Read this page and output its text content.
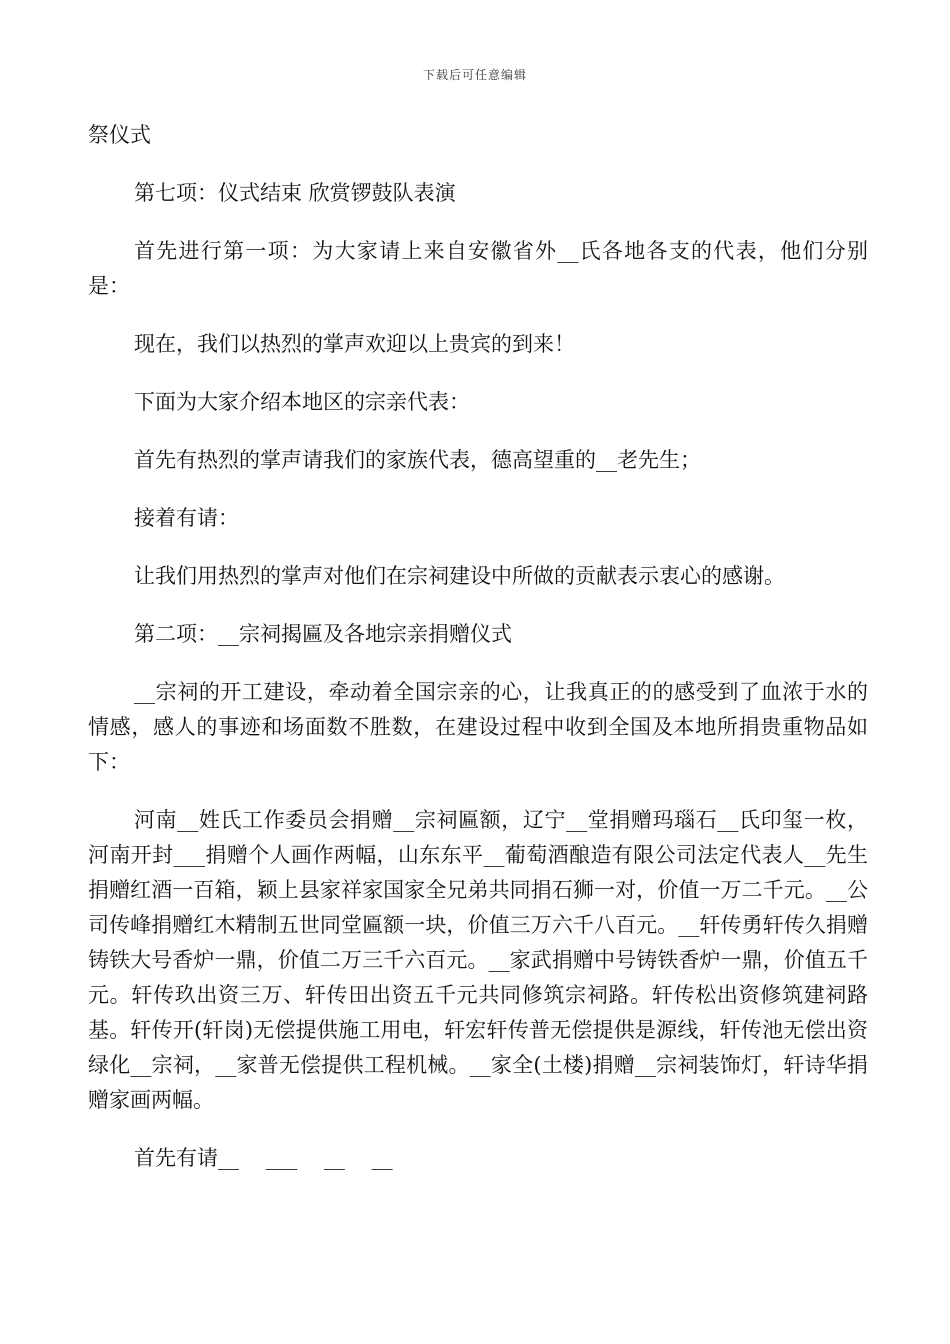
下载后可任意编辑

祭仪式

第七项：仪式结束 欣赏锣鼓队表演

首先进行第一项：为大家请上来自安徽省外__氏各地各支的代表，他们分别是：

现在，我们以热烈的掌声欢迎以上贵宾的到来！

下面为大家介绍本地区的宗亲代表：

首先有热烈的掌声请我们的家族代表，德高望重的__老先生；

接着有请：

让我们用热烈的掌声对他们在宗祠建设中所做的贡献表示衷心的感谢。

第二项：__宗祠揭匾及各地宗亲捐赠仪式

__宗祠的开工建设，牵动着全国宗亲的心，让我真正的的感受到了血浓于水的情感，感人的事迹和场面数不胜数，在建设过程中收到全国及本地所捐贵重物品如下：

河南__姓氏工作委员会捐赠__宗祠匾额，辽宁__堂捐赠玛瑙石__氏印玺一枚，河南开封___捐赠个人画作两幅，山东东平__葡萄酒酿造有限公司法定代表人__先生捐赠红酒一百箱，颖上县家祥家国家全兄弟共同捐石狮一对，价值一万二千元。__公司传峰捐赠红木精制五世同堂匾额一块，价值三万六千八百元。__轩传勇轩传久捐赠铸铁大号香炉一鼎，价值二万三千六百元。__家武捐赠中号铸铁香炉一鼎，价值五千元。轩传玖出资三万、轩传田出资五千元共同修筑宗祠路。轩传松出资修筑建祠路基。轩传开(轩岗)无偿提供施工用电，轩宏轩传普无偿提供是源线，轩传池无偿出资绿化__宗祠，__家普无偿提供工程机械。__家全(土楼)捐赠__宗祠装饰灯，轩诗华捐赠家画两幅。

首先有请__    ___    __    __
